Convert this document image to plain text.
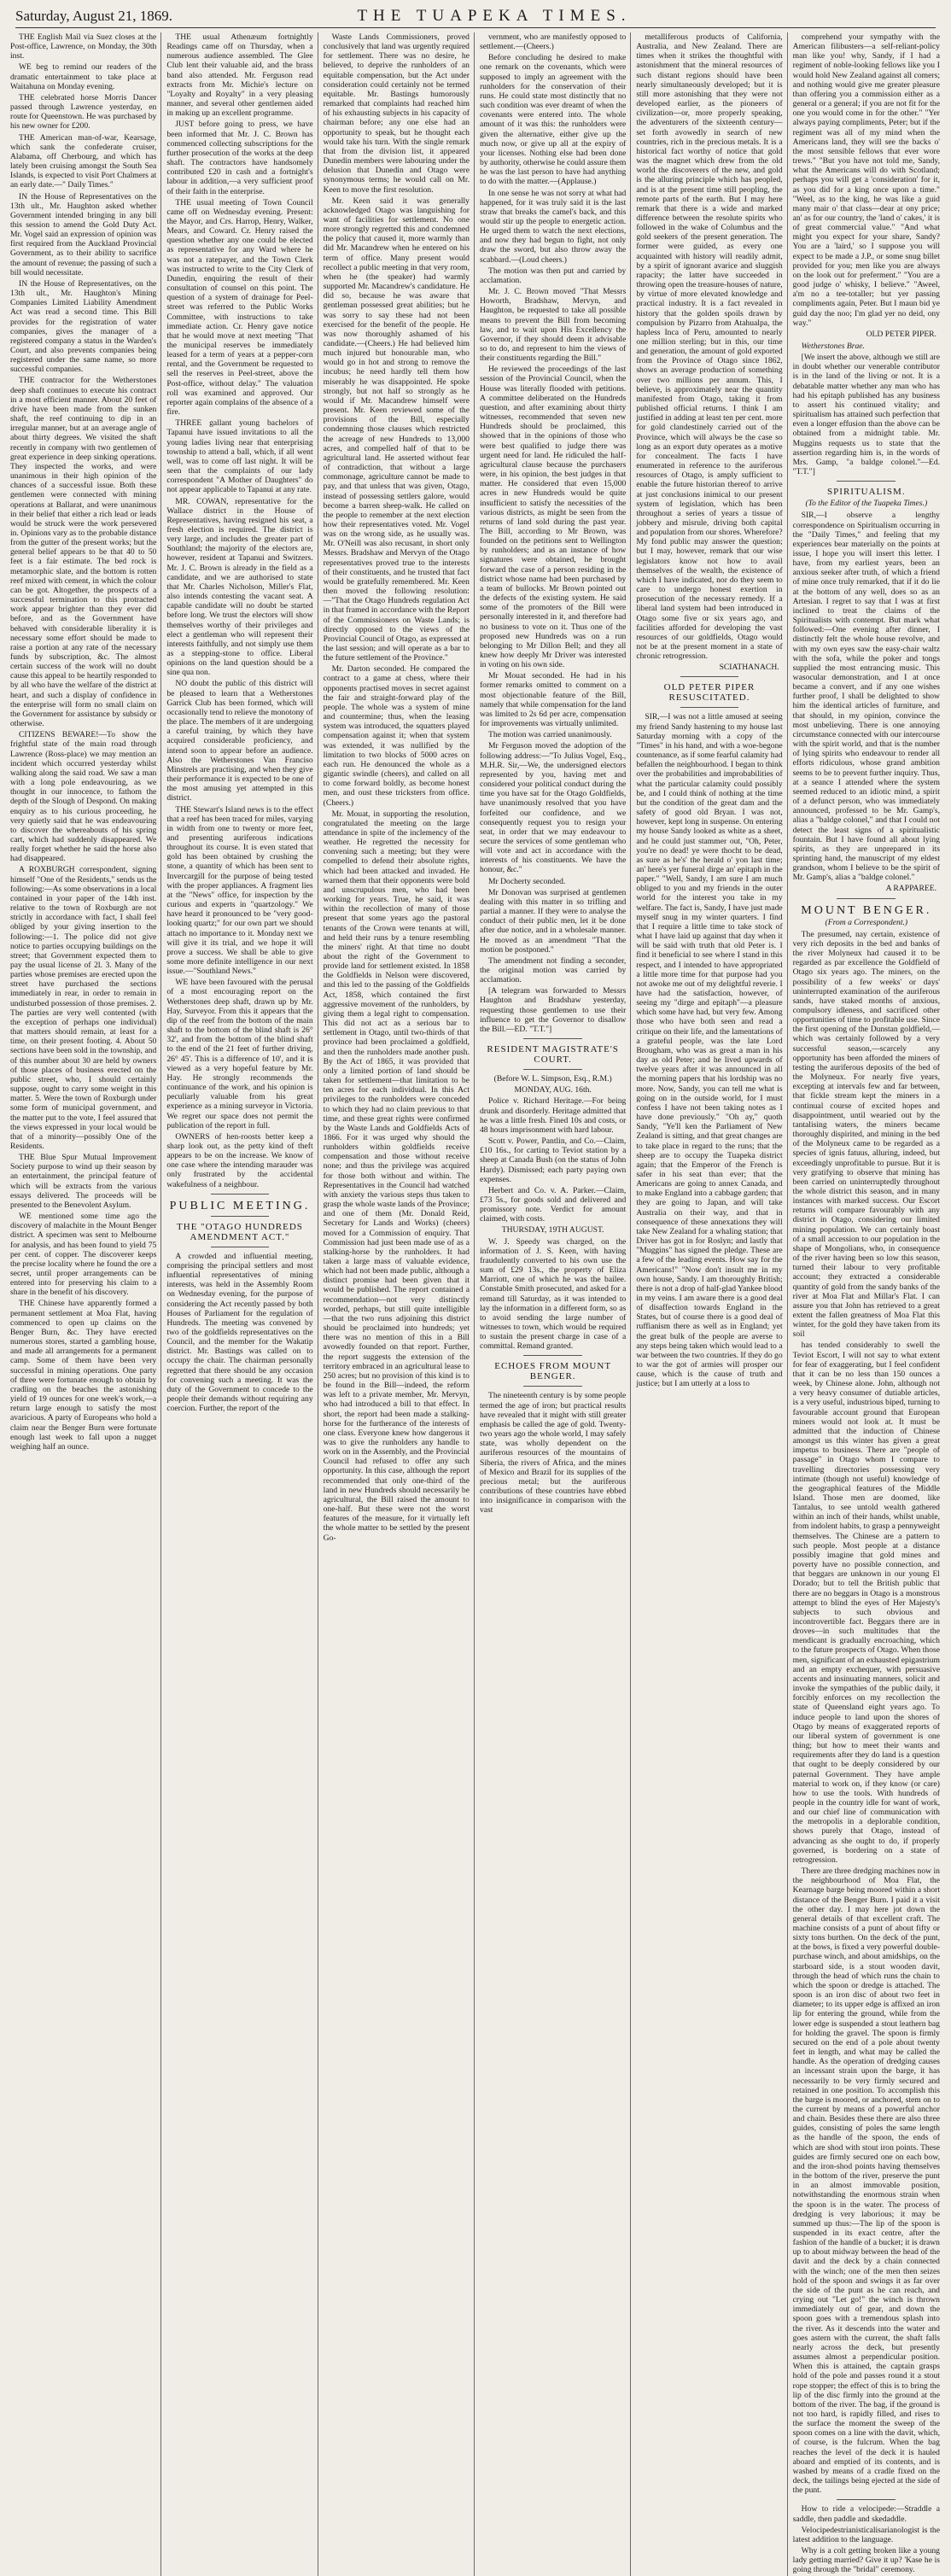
Saturday, August 21, 1869.	THE TUAPEKA TIMES.

THE English Mail via Suez closes at the Post-office, Lawrence, on Monday, the 30th inst.

WE beg to remind our readers of the dramatic entertainment to take place at Waitahuna on Monday evening.

THE celebrated horse Morris Dancer passed through Lawrence yesterday, en route for Queenstown. He was purchased by his new owner for £200.

THE American man-of-war, Kearsage, which sank the confederate cruiser, Alabama, off Cherbourg, and which has lately been cruising amongst the South Sea Islands, is expected to visit Port Chalmers at an early date.—" Daily Times."

IN the House of Representatives on the 13th ult., Mr. Haughton asked whether Government intended bringing in any bill this session to amend the Gold Duty Act. Mr. Vogel said an expression of opinion was first required from the Auckland Provincial Government, as to their ability to sacrifice the amount of revenue; the passing of such a bill would necessitate.

IN the House of Representatives, on the 13th ult., Mr. Haughton's Mining Companies Limited Liability Amendment Act was read a second time. This Bill provides for the registration of water companies, gives the manager of a registered company a status in the Warden's Court, and also prevents companies being registered under the same name, so more successful companies.

THE contractor for the Wetherstones deep shaft continues to execute his contract in a most efficient manner. About 20 feet of drive have been made from the sunken shaft, the reef continuing to dip in an irregular manner, but at an average angle of about thirty degrees. We visited the shaft recently in company with two gentlemen of great experience in deep sinking operations. They inspected the works, and were unanimous in their high opinion of the chances of a successful issue. Both these gentlemen were connected with mining operations at Ballarat, and were unanimous in their belief that either a rich lead or leads would be struck were the work persevered in. Opinions vary as to the probable distance from the gutter of the present works; but the general belief appears to be that 40 to 50 feet is a fair estimate. The bed rock is metamorphic slate, and the bottom is rotten reef mixed with cement, in which the colour can be got. Altogether, the prospects of a successful termination to this protracted work appear brighter than they ever did before, and as the Government have behaved with considerable liberality it is necessary some effort should be made to raise a portion at any rate of the necessary funds by subscription, &c. The almost certain success of the work will no doubt cause this appeal to be heartily responded to by all who have the welfare of the district at heart, and such a display of confidence in the enterprise will form no small claim on the Government for assistance by subsidy or otherwise.

CITIZENS BEWARE!—To show the frightful state of the main road through Lawrence (Ross-place) we may mention an incident which occurred yesterday whilst walking along the said road. We saw a man with a long pole endeavouring, as we thought in our innocence, to fathom the depth of the Slough of Despond. On making enquiry as to his curious proceeding, he very quietly said that he was endeavouring to discover the whereabouts of his spring cart, which had suddenly disappeared. We really forget whether he said the horse also had disappeared.

A ROXBURGH correspondent, signing himself "One of the Residents," sends us the following:—As some observations in a local contained in your paper of the 14th inst. relative to the town of Roxburgh are not strictly in accordance with fact, I shall feel obliged by your giving insertion to the following:—1. The police did not give notice to parties occupying buildings on the street; that Government expected them to pay the usual license of 2l. 3. Many of the parties whose premises are erected upon the street have purchased the sections immediately in rear, in order to remain in undisturbed possession of those premises. 2. The parties are very well contented (with the exception of perhaps one individual) that matters should remain, at least for a time, on their present footing. 4. About 50 sections have been sold in the township, and of this number about 30 are held by owners of those places of business erected on the public street, who, I should certainly suppose, ought to carry some weight in this matter. 5. Were the town of Roxburgh under some form of municipal government, and the matter put to the vote, I feel assured that the views expressed in your local would be that of a minority—possibly One of the Residents.

THE Blue Spur Mutual Improvement Society purpose to wind up their season by an entertainment, the principal feature of which will be extracts from the various essays delivered. The proceeds will be presented to the Benevolent Asylum.

WE mentioned some time ago the discovery of malachite in the Mount Benger district. A specimen was sent to Melbourne for analysis, and has been found to yield 75 per cent. of copper. The discoverer keeps the precise locality where he found the ore a secret, until proper arrangements can be entered into for preserving his claim to a share in the benefit of his discovery.

THE Chinese have apparently formed a permanent settlement at Moa Flat, having commenced to open up claims on the Benger Burn, &c. They have erected numerous stores, started a gambling house, and made all arrangements for a permanent camp. Some of them have been very successful in mining operations. One party of three were fortunate enough to obtain by cradling on the beaches the astonishing yield of 19 ounces for one week's work,—a return large enough to satisfy the most avaricious. A party of Europeans who hold a claim near the Benger Burn were fortunate enough last week to fall upon a nugget weighing half an ounce.

THE usual Athenæum fortnightly Readings came off on Thursday, when a numerous audience assembled. The Glee Club lent their valuable aid, and the brass band also attended. Mr. Ferguson read extracts from Mr. Michie's lecture on "Loyalty and Royalty" in a very pleasing manner, and several other gentlemen aided in making up an excellent programme.

JUST before going to press, we have been informed that Mr. J. C. Brown has commenced collecting subscriptions for the further prosecution of the works at the deep shaft. The contractors have handsomely contributed £20 in cash and a fortnight's labour in addition,—a very sufficient proof of their faith in the enterprise.

THE usual meeting of Town Council came off on Wednesday evening. Present: the Mayor, and Crs. Harrop, Henry, Walker, Mears, and Coward. Cr. Henry raised the question whether any one could be elected as representative for any Ward where he was not a ratepayer, and the Town Clerk was instructed to write to the City Clerk of Dunedin, enquiring the result of their consultation of counsel on this point. The question of a system of drainage for Peel-street was referred to the Public Works Committee, with instructions to take immediate action. Cr. Henry gave notice that he would move at next meeting "That the municipal reserves be immediately leased for a term of years at a pepper-corn rental, and the Government be requested to sell the reserves in Peel-street, above the Post-office, without delay." The valuation roll was examined and approved. Our reporter again complains of the absence of a fire.

THREE gallant young bachelors of Tapanui have issued invitations to all the young ladies living near that enterprising township to attend a ball, which, if all went well, was to come off last night. It will be seen that the complaints of our lady correspondent "A Mother of Daughters" do not appear applicable to Tapanui at any rate.

MR. COWAN, representative for the Wallace district in the House of Representatives, having resigned his seat, a fresh election is required. The district is very large, and includes the greater part of Southland; the majority of the electors are, however, resident at Tapanui and Switzers. Mr. J. C. Brown is already in the field as a candidate, and we are authorised to state that Mr. Charles Nicholson, Miller's Flat, also intends contesting the vacant seat. A capable candidate will no doubt be started before long. We trust the electors will show themselves worthy of their privileges and elect a gentleman who will represent their interests faithfully, and not simply use them as a stepping-stone to office. Liberal opinions on the land question should be a sine qua non.

NO doubt the public of this district will be pleased to learn that a Wetherstones Garrick Club has been formed, which will occasionally tend to relieve the monotony of the place. The members of it are undergoing a careful training, by which they have acquired considerable proficiency, and intend soon to appear before an audience. Also the Wetherstones Van Franciso Minstrels are practising, and when they give their performance it is expected to be one of the most amusing yet attempted in this district.

THE Stewart's Island news is to the effect that a reef has been traced for miles, varying in width from one to twenty or more feet, and presenting auriferous indications throughout its course. It is even stated that gold has been obtained by crushing the stone, a quantity of which has been sent to Invercargill for the purpose of being tested with the proper appliances. A fragment lies at the "News" office, for inspection by the curious and experts in "quartzology." We have heard it pronounced to be "very good-looking quartz;" for our own part we should attach no importance to it. Monday next we will give it its trial, and we hope it will prove a success. We shall be able to give some more definite intelligence in our next issue.—"Southland News."

WE have been favoured with the perusal of a most encouraging report on the Wetherstones deep shaft, drawn up by Mr. Hay, Surveyor. From this it appears that the dip of the reef from the bottom of the main shaft to the bottom of the blind shaft is 26° 32', and from the bottom of the blind shaft to the end of the 21 feet of further driving, 26° 45'. This is a difference of 10', and it is viewed as a very hopeful feature by Mr. Hay. He strongly recommends the continuance of the work, and his opinion is peculiarly valuable from his great experience as a mining surveyor in Victoria. We regret our space does not permit the publication of the report in full.

OWNERS of hen-roosts better keep a sharp look out, as the petty kind of theft appears to be on the increase. We know of one case where the intending marauder was only frustrated by the accidental wakefulness of a neighbour.

PUBLIC MEETING.
THE "OTAGO HUNDREDS AMENDMENT ACT."

A crowded and influential meeting, comprising the principal settlers and most influential representatives of mining interests, was held in the Assembly Room on Wednesday evening, for the purpose of considering the Act recently passed by both Houses of Parliament for the regulation of Hundreds. The meeting was convened by two of the goldfields representatives on the Council, and the member for the Wakatip district. Mr. Bastings was called on to occupy the chair. The chairman personally regretted that there should be any occasion for convening such a meeting. It was the duty of the Government to concede to the people their demands without requiring any coercion. Further, the report of the

Waste Lands Commissioners, proved conclusively that land was urgently required for settlement. There was no desire, he believed, to deprive the runholders of an equitable compensation, but the Act under consideration could certainly not be termed equitable. Mr. Bastings humorously remarked that complaints had reached him of his exhausting subjects in his capacity of chairman before; any one else had an opportunity to speak, but he thought each would take his turn. With the single remark that from the division list, it appeared Dunedin members were labouring under the delusion that Dunedin and Otago were synonymous terms; he would call on Mr. Keen to move the first resolution.

Mr. Keen said it was generally acknowledged Otago was languishing for want of facilities for settlement. No one more strongly regretted this and condemned the policy that caused it, more warmly than did Mr. Macandrew when he entered on his term of office. Many present would recollect a public meeting in that very room, when he (the speaker) had warmly supported Mr. Macandrew's candidature. He did so, because he was aware that gentleman possessed great abilities; but he was sorry to say these had not been exercised for the benefit of the people. He was now thoroughly ashamed of his candidate.—(Cheers.) He had believed him much injured but honourable man, who would go in hot and strong to remove the incubus; he need hardly tell them how miserably he was disappointed. He spoke strongly, but not half so strongly as he would if Mr. Macandrew himself were present. Mr. Keen reviewed some of the provisions of the Bill, especially condemning those clauses which restricted the acreage of new Hundreds to 13,000 acres, and compelled half of that to be agricultural land. He asserted without fear of contradiction, that without a large commonage, agriculture cannot be made to pay, and that unless that was given, Otago, instead of possessing settlers galore, would become a barren sheep-walk. He called on the people to remember at the next election how their representatives voted. Mr. Vogel was on the wrong side, as he usually was. Mr. O'Neill was also recusant, in short only Messrs. Bradshaw and Mervyn of the Otago representatives proved true to the interests of their constituents, and he trusted that fact would be gratefully remembered. Mr. Keen then moved the following resolution:—"That the Otago Hundreds regulation Act in that framed in accordance with the Report of the Commissioners on Waste Lands; is directly opposed to the views of the Provincial Council of Otago, as expressed at the last session; and will operate as a bar to the future settlement of the Province."

Mr. Darton seconded. He compared the contract to a game at chess, where their opponents practised moves in secret against the fair and straight-forward play of the people. The whole was a system of mine and countermine; thus, when the leasing system was introduced, the squatters played compensation against it; when that system was extended, it was nullified by the limitation to two blocks of 5000 acres on each run. He denounced the whole as a gigantic swindle (cheers), and called on all to come forward boldly, as become honest men, and oust these tricksters from office. (Cheers.)

Mr. Mouat, in supporting the resolution, congratulated the meeting on the large attendance in spite of the inclemency of the weather. He regretted the necessity for convening such a meeting; but they were compelled to defend their absolute rights, which had been attacked and invaded. He warned them that their opponents were bold and unscrupulous men, who had been working for years. True, he said, it was within the recollection of many of those present that some years ago the pastoral tenants of the Crown were tenants at will, and held their runs by a tenure resembling the miners' right. At that time no doubt about the right of the Government to provide land for settlement existed. In 1858 the Goldfields in Nelson were discovered, and this led to the passing of the Goldfields Act, 1858, which contained the first aggressive movement of the runholders, by giving them a legal right to compensation. This did not act as a serious bar to settlement in Otago, until two-thirds of that province had been proclaimed a goldfield, and then the runholders made another push. By the Act of 1865, it was provided that only a limited portion of land should be taken for settlement—that limitation to be ten acres for each individual. In this Act privileges to the runholders were conceded to which they had no claim previous to that time, and these great rights were confirmed by the Waste Lands and Goldfields Acts of 1866. For it was urged why should the runholders within goldfields receive compensation and those without receive none; and thus the privilege was acquired for those both without and within. The Representatives in the Council had watched with anxiety the various steps thus taken to grasp the whole waste lands of the Province; and one of them (Mr. Donald Reid, Secretary for Lands and Works) (cheers) moved for a Commission of enquiry. That Commission had just been made use of as a stalking-horse by the runholders. It had taken a large mass of valuable evidence, which had not been made public, although a distinct promise had been given that it would be published. The report contained a recommendation—not very distinctly worded, perhaps, but still quite intelligible—that the two runs adjoining this district should be proclaimed into hundreds; yet there was no mention of this in a Bill avowedly founded on that report. Further, the report suggests the extension of the territory embraced in an agricultural lease to 250 acres; but no provision of this kind is to be found in the Bill—indeed, the reform was left to a private member, Mr. Mervyn, who had introduced a bill to that effect. In short, the report had been made a stalking-horse for the furtherance of the interests of one class. Everyone knew how dangerous it was to give the runholders any handle to work on in the Assembly, and the Provincial Council had refused to offer any such opportunity. In this case, although the report recommended that only one-third of the land in new Hundreds should necessarily be agricultural, the Bill raised the amount to one-half. But these were not the worst features of the measure, for it virtually left the whole matter to be settled by the present Go-

vernment, who are manifestly opposed to settlement.—(Cheers.)

Before concluding he desired to make one remark on the covenants, which were supposed to imply an agreement with the runholders for the conservation of their runs. He could state most distinctly that no such condition was ever dreamt of when the covenants were entered into. The whole amount of it was this: the runholders were given the alternative, either give up the much now, or give up all at the expiry of your licenses. Nothing else had been done by authority, otherwise he could assure them he was the last person to have had anything to do with the matter.—(Applause.)

In one sense he was not sorry at what had happened, for it was truly said it is the last straw that breaks the camel's back, and this would stir up the people to energetic action. He urged them to watch the next elections, and now they had begun to fight, not only draw the sword, but also throw away the scabbard.—(Loud cheers.)

The motion was then put and carried by acclamation.

Mr. J. C. Brown moved "That Messrs Howorth, Bradshaw, Mervyn, and Haughton, be requested to take all possible means to prevent the Bill from becoming law, and to wait upon His Excellency the Governor, if they should deem it advisable so to do, and represent to him the views of their constituents regarding the Bill."

He reviewed the proceedings of the last session of the Provincial Council, when the House was literally flooded with petitions. A committee deliberated on the Hundreds question, and after examining about thirty witnesses, recommended that seven new Hundreds should be proclaimed, this showed that in the opinions of those who were best qualified to judge there was urgent need for land. He ridiculed the half-agricultural clause because the purchasers were, in his opinion, the best judges in that matter. He considered that even 15,000 acres in new Hundreds would be quite insufficient to satisfy the necessities of the various districts, as might be seen from the returns of land sold during the past year. The Bill, according to Mr Brown, was founded on the petitions sent to Wellington by runholders; and as an instance of how signatures were obtained, he brought forward the case of a person residing in the district whose name had been purchased by a team of bullocks. Mr Brown pointed out the defects of the existing system. He said some of the promoters of the Bill were personally interested in it, and therefore had no business to vote on it. Thus one of the proposed new Hundreds was on a run belonging to Mr Dillon Bell; and they all knew how deeply Mr Driver was interested in voting on his own side.

Mr Mouat seconded. He had in his former remarks omitted to comment on a most objectionable feature of the Bill, namely that while compensation for the land was limited to 2s 6d per acre, compensation for improvements was virtually unlimited.

The motion was carried unanimously.

Mr Ferguson moved the adoption of the following address:—"To Julius Vogel, Esq., M.H.R. Sir,—We, the undersigned electors represented by you, having met and considered your political conduct during the time you have sat for the Otago Goldfields, have unanimously resolved that you have forfeited our confidence, and we consequently request you to resign your seat, in order that we may endeavour to secure the services of some gentleman who will vote and act in accordance with the interests of his constituents. We have the honour, &c."

Mr Docherty seconded.

Mr Donovan was surprised at gentlemen dealing with this matter in so trifling and partial a manner. If they were to analyse the conduct of their public men, let it be done after due notice, and in a wholesale manner. He moved as an amendment "That the motion be postponed."

The amendment not finding a seconder, the original motion was carried by acclamation.

[A telegram was forwarded to Messrs Haughton and Bradshaw yesterday, requesting those gentlemen to use their influence to get the Governor to disallow the Bill.—ED. "T.T."]

RESIDENT MAGISTRATE'S COURT.

(Before W. L. Simpson, Esq., R.M.)

MONDAY, AUG. 16th.

Police v. Richard Heritage.—For being drunk and disorderly. Heritage admitted that he was a little fresh. Fined 10s and costs, or 48 hours imprisonment with hard labour.

Scott v. Power, Pantlin, and Co.—Claim, £10 16s., for carting to Teviot station by a sheep at Canada Bush (on the status of John Hardy). Dismissed; each party paying own expenses.

Herbert and Co. v. A. Parker.—Claim, £73 5s., for goods sold and delivered and promissory note. Verdict for amount claimed, with costs.

THURSDAY, 19TH AUGUST.

W. J. Speedy was charged, on the information of J. S. Keen, with having fraudulently converted to his own use the sum of £29 13s., the property of Eliza Marriott, one of which he was the bailee. Constable Smith prosecuted, and asked for a remand till Saturday, as it was intended to lay the information in a different form, so as to avoid sending the large number of witnesses to town, which would be required to sustain the present charge in case of a committal. Remand granted.

ECHOES FROM MOUNT BENGER.

The nineteenth century is by some people termed the age of iron; but practical results have revealed that it might with still greater emphasis be called the age of gold. Twenty-two years ago the whole world, I may safely state, was wholly dependent on the auriferous resources of the mountains of Siberia, the rivers of Africa, and the mines of Mexico and Brazil for its supplies of the precious metal; but the auriferous contributions of these countries have ebbed into insignificance in comparison with the vast

metalliferous products of California, Australia, and New Zealand. There are times when it strikes the thoughtful with astonishment that the mineral resources of such distant regions should have been nearly simultaneously developed; but it is still more astonishing that they were not developed earlier, as the pioneers of civilization—or, more properly speaking, the adventurers of the sixteenth century—set forth avowedly in search of new countries, rich in the precious metals. It is a historical fact worthy of notice that gold was the magnet which drew from the old world the discoverers of the new, and gold is the alluring principle which has peopled, and is at the present time still peopling, the remote parts of the earth. But I may here remark that there is a wide and marked difference between the resolute spirits who followed in the wake of Columbus and the gold seekers of the present generation. The former were guided, as every one acquainted with history will readily admit, by a spirit of ignorant avarice and sluggish rapacity; the latter have succeeded in throwing open the treasure-houses of nature, by virtue of more elevated knowledge and practical industry. It is a fact revealed in history that the golden spoils drawn by compulsion by Pizarro from Atahualpa, the hapless Inca of Peru, amounted to nearly one million sterling; but in this, our time and generation, the amount of gold exported from the Province of Otago since 1862, shows an average production of something over two millions per annum. This, I believe, is approximately near the quantity manifested from Otago, taking it from published official returns. I think I am justified in adding at least ten per cent. more for gold clandestinely carried out of the Province, which will always be the case so long as an export duty operates as a motive for concealment. The facts I have enumerated in reference to the auriferous resources of Otago, is amply sufficient to enable the future historian thereof to arrive at just conclusions inimical to our present system of legislation, which has been throughout a series of years a tissue of jobbery and misrule, driving both capital and population from our shores. Wherefore? My fond public may answer the question; but I may, however, remark that our wise legislators know not how to avail themselves of the wealth, the existence of which I have indicated, nor do they seem to care to undergo honest exertion in prosecution of the necessary remedy. If a liberal land system had been introduced in Otago some five or six years ago, and facilities afforded for developing the vast resources of our goldfields, Otago would not be at the present moment in a state of chronic retrogression.

SCIATHANACH.

OLD PETER PIPER RESUSCITATED.

SIR,—I was not a little amused at seeing my friend Sandy hastening to my house last Saturday morning with a copy of the "Times" in his hand, and with a woe-begone countenance, as if some fearful calamity had befallen the neighbourhood. I began to think over the probabilities and improbabilities of what the particular calamity could possibly be, and I could think of nothing at the time but the condition of the great dam and the safety of good old Bryan. I was not, however, kept long in suspense. On entering my house Sandy looked as white as a sheet, and he could just stammer out, "Oh, Peter, you're no dead! ye were thocht to be dead, as sure as he's' the herald o' yon last time; an' here's yer funeral dirge an' epitaph in the paper." "Well, Sandy, I am sure I am much obliged to you and my friends in the outer world for the interest you take in my welfare. The fact is, Sandy, I have just made myself snug in my winter quarters. I find that I require a little time to take stock of what I have laid up against that day when it will be said with truth that old Peter is. I find it beneficial to see where I stand in this respect, and I intended to have appropriated a little more time for that purpose had you not awoke me out of my delightful reverie. I have had the satisfaction, however, of seeing my "dirge and epitaph"—a pleasure which some have had, but very few. Among those who have both seen and read a critique on their life, and the lamentations of a grateful people, was the late Lord Brougham, who was as great a man in his day as old Peter; and he lived upwards of twelve years after it was announced in all the morning papers that his lordship was no more. Now, Sandy, you can tell me what is going on in the outside world, for I must confess I have not been taking notes as I have done previously." "Oh ay," quoth Sandy, "Ye'll ken the Parliament of New Zealand is sitting, and that great changes are to take place in regard to the runs; that the sheep are to occupy the Tuapeka district again; that the Emperor of the French is safer in his seat than ever; that the Americans are going to annex Canada, and to make England into a cabbage garden; that they are going to Japan, and will take Australia on their way, and that in consequence of these annexations they will take New Zealand for a whaling station; that Driver has got in for Roslyn; and lastly that "Muggins" has signed the pledge. These are a few of the leading events. How say for the Americans!" "Now don't insult me in my own house, Sandy. I am thoroughly British; there is not a drop of half-glad Yankee blood in my veins. I am aware there is a good deal of disaffection towards England in the States, but of course there is a good deal of ruffianism there as well as in England; yet the great bulk of the people are averse to any steps being taken which would lead to a war between the two countries. If they do go to war the got of armies will prosper our cause, which is the cause of truth and justice; but I am utterly at a loss to

comprehend your sympathy with the American filibusters—a self-reliant-policy man like you! why, Sandy, if I had a regiment of noble-looking fellows like you I would hold New Zealand against all comers; and nothing would give me greater pleasure than offering you a commission either as a general or a general; if you are not fit for the one you would come in for the other." "Yer always paying compliments, Peter; but if the regiment was all of my mind when the Americans land, they will see the backs o' the most sensible fellows that ever wore trews." "But you have not told me, Sandy, what the Americans will do with Scotland; perhaps you will get a 'consideration' for it, as you did for a king once upon a time." "Weel, as to the king, he was like a guid many mair o' that class—dear at ony price; an' as for our country, the 'land o' cakes,' it is of great commercial value." "And what might you expect for your share, Sandy? You are a 'laird,' so I suppose you will expect to be made a J.P., or some snug billet provided for you; men like you are always on the look out for preferment." "You are a good judge o' whisky, I believe." "Aweel, a'm no a tee-totaller; but yer passing compliments again, Peter. But I maun bid ye guid day the noo; I'm glad yer no deid, ony way."

OLD PETER PIPER.

Wetherstones Brae.

[We insert the above, although we still are in doubt whether our venerable contributor is in the land of the living or not. It is a debatable matter whether any man who has had his epitaph published has any business to assert his continued vitality; and spiritualism has attained such perfection that even a longer effusion than the above can be obtained from a midnight table. Mr. Muggins requests us to state that the assertion regarding him is, in the words of Mrs. Gamp, "a baldge colonel."—Ed. "T.T."]

SPIRITUALISM.

(To the Editor of the Tuapeka Times.)

SIR,—I observe a lengthy correspondence on Spiritualism occurring in the "Daily Times," and feeling that my experiences bear materially on the points at issue, I hope you will insert this letter. I have, from my earliest years, been an anxious seeker after truth, of which a friend of mine once truly remarked, that if it do lie at the bottom of any well, does so as an Artesian. I regret to say that I was at first inclined to treat the claims of the Spiritualists with contempt. But mark what followed:—One evening after dinner, I distinctly felt the whole house revolve, and with my own eyes saw the easy-chair waltz with the sofa, while the poker and tongs supplied the most entrancing music. This wasocular demonstration, and I at once became a convert, and if any one wishes further proof, I shall be delighted to show him the identical articles of furniture, and that should, in my opinion, convince the most unbelieving. There is one annoying circumstance connected with our intercourse with the spirit world, and that is the number of lying spirits who endeavour to render all efforts ridiculous, whose grand ambition seems to be to prevent further inquiry. Thus, at a seance I attended where the system seemed reduced to an idiotic mind, a spirit of a defunct person, who was immediately announced, professed to be Mr. Gamp's, alias a "baldge colonel," and that I could not detect the least signs of a spiritualistic fountain. But I have found all about lying spirits, as they are unprepared in its sprinting hand, the manuscript of my eldest grandson, whom I believe to be the spirit of Mr. Gamp's, alias a "baldge colonel."

A RAPPAREE.

MOUNT BENGER.

(From a Correspondent.)

The presumed, nay certain, existence of very rich deposits in the bed and banks of the river Molyneux had caused it to be regarded as par excellence the Goldfield of Otago six years ago. The miners, on the possibility of a few weeks' or days' uninterrupted examination of the auriferous sands, have staked months of anxious, compulsory idleness, and sacrificed other opportunities of time to profitable use. Since the first opening of the Dunstan goldfield,—which was certainly followed by a very successful season,—scarcely any opportunity has been afforded the miners of testing the auriferous deposits of the bed of the Molyneux. For nearly five years, excepting at intervals few and far between, that fickle stream kept the miners in a continual course of excited hopes and disappointment, until wearied out by the tantalising waters, the miners became thoroughly dispirited, and mining in the bed of the Molyneux came to be regarded as a species of ignis fatuus, alluring, indeed, but exceedingly unprofitable to pursue. But it is very gratifying to observe that mining has been carried on uninterruptedly throughout the whole district this season, and in many instances with marked success. Our Escort returns will compare favourably with any district in Otago, considering our limited mining population. We can certainly boast of a small accession to our population in the shape of Mongolians, who, in consequence of the river having been so low this season, turned their labour to very profitable account; they extracted a considerable quantity of gold from the sandy banks of the river at Moa Flat and Millar's Flat. I can assure you that John has retrieved to a great extent the fallen greatness of Moa Flat this winter, for the gold they have taken from its soil

has tended considerably to swell the Teviot Escort, I will not say to what extent for fear of exaggerating, but I feel confident that it can be no less than 150 ounces a week, by Chinese alone. John, although not a very heavy consumer of dutiable articles, is a very useful, industrious biped, turning to favourable account ground that European miners would not look at. It must be admitted that the induction of Chinese amongst us this winter has given a great impetus to business. There are "people of passage" in Otago whom I compare to travelling directories possessing very intimate (though not useful) knowledge of the geographical features of the Middle Island. Those men are doomed, like Tantalus, to see untold wealth gathered within an inch of their hands, whilst unable, from indolent habits, to grasp a pennyweight themselves. The Chinese are a pattern to such people. Most people at a distance possibly imagine that gold mines and poverty have no possible connection, and that beggars are unknown in our young El Dorado; but to tell the British public that there are no beggars in Otago is a monstrous attempt to blind the eyes of Her Majesty's subjects to such obvious and incontrovertible fact. Beggars there are in droves—in such multitudes that the mendicant is gradually encroaching, which to the future prospects of Otago. When those men, significant of an exhausted epigastrium and an empty exchequer, with persuasive accents and insinuating manners, solicit and invoke the sympathies of the public daily, it forcibly enforces on my recollection the state of Queensland eight years ago. To induce people to land upon the shores of Otago by means of exaggerated reports of our liberal system of government is one thing; but how to meet their wants and requirements after they do land is a question that ought to be deeply considered by our paternal Government. They have ample material to work on, if they know (or care) how to use the tools. With hundreds of people in the country idle for want of work, and our chief line of communication with the metropolis in a deplorable condition, shows purely that Otago, instead of advancing as she ought to do, if properly governed, is bordering on a state of retrogression.

There are three dredging machines now in the neighbourhood of Moa Flat, the Kearnage barge being moored within a short distance of the Benger Burn. I paid it a visit the other day. I may here jot down the general details of that excellent craft. The machine consists of a punt of about fifty or sixty tons burthen. On the deck of the punt, at the bows, is fixed a very powerful double-purchase winch, and about amidships, on the starboard side, is a stout wooden davit, through the head of which runs the chain to which the spoon or dredge is attached. The spoon is an iron disc of about two feet in diameter; to its upper edge is affixed an iron lip for entering the ground, while from the lower edge is suspended a stout leathern bag for holding the gravel. The spoon is firmly secured on the end of a pole about twenty feet in length, and what may be called the handle. As the operation of dredging causes an incessant strain upon the barge, it has necessarily to be very firmly secured and retained in one position. To accomplish this the barge is moored, or anchored, stem on to the current by means of a powerful anchor and chain. Besides these there are also three guides, consisting of poles the same length as the handle of the spoon, the ends of which are shod with stout iron points. These guides are firmly secured one on each bow, and the iron-shod points having themselves in the bottom of the river, preserve the punt in an almost immovable position, notwithstanding the enormous strain when the spoon is in the water. The process of dredging is very laborious; it may be summed up thus:—The lip of the spoon is suspended in its exact centre, after the fashion of the handle of a bucket; it is drawn up to about midway between the head of the davit and the deck by a chain connected with the winch; one of the men then seizes hold of the spoon and swings it as far over the side of the punt as he can reach, and crying out "Let go!" the winch is thrown immediately out of gear, and down the spoon goes with a tremendous splash into the river. As it descends into the water and goes astern with the current, the shaft falls nearly across the deck, but presently assumes almost a perpendicular position. When this is attained, the captain grasps hold of the pole and passes round it a stout rope stopper; the effect of this is to bring the lip of the disc firmly into the ground at the bottom of the river. The bag, if the ground is not too hard, is rapidly filled, and rises to the surface the moment the sweep of the spoon comes on a line with the davit, which, of course, is the fulcrum. When the bag reaches the level of the deck it is hauled aboard and emptied of its contents, and is washed by means of a cradle fixed on the deck, the tailings being ejected at the side of the punt.

How to ride a velocipede:—Straddle a saddle, then paddle and skedaddle.

Velocipedestrianisticalisarianologist is the latest addition to the language.

Why is a colt getting broken like a young lady getting married? Give it up? 'Kase he is going through the "bridal" ceremony.
